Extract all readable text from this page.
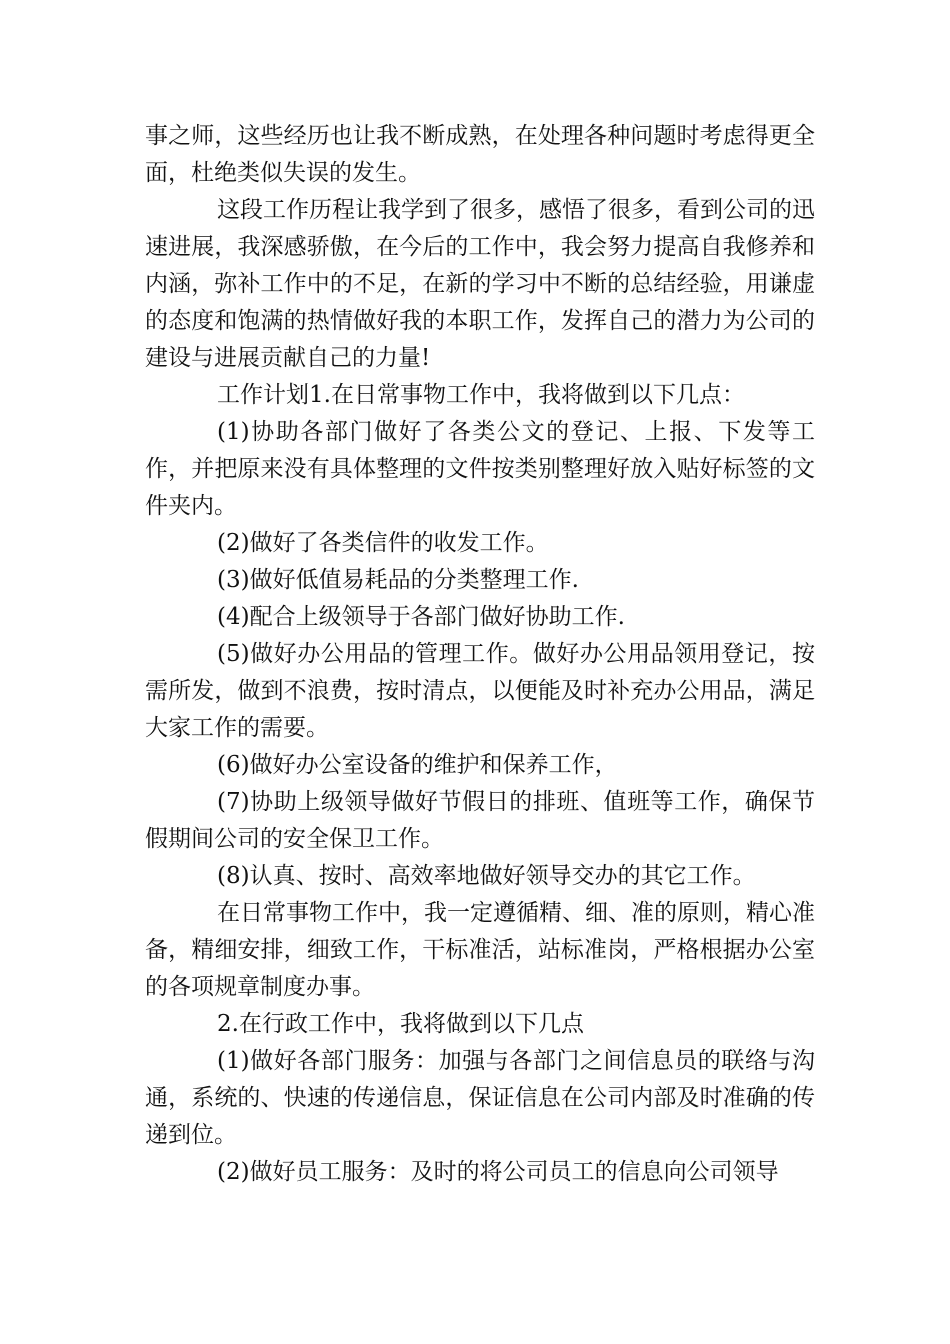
事之师，这些经历也让我不断成熟，在处理各种问题时考虑得更全面，杜绝类似失误的发生。

这段工作历程让我学到了很多，感悟了很多，看到公司的迅速进展，我深感骄傲，在今后的工作中，我会努力提高自我修养和内涵，弥补工作中的不足，在新的学习中不断的总结经验，用谦虚的态度和饱满的热情做好我的本职工作，发挥自己的潜力为公司的建设与进展贡献自己的力量!

工作计划1.在日常事物工作中，我将做到以下几点：

(1)协助各部门做好了各类公文的登记、上报、下发等工作，并把原来没有具体整理的文件按类别整理好放入贴好标签的文件夹内。

(2)做好了各类信件的收发工作。

(3)做好低值易耗品的分类整理工作.

(4)配合上级领导于各部门做好协助工作.

(5)做好办公用品的管理工作。做好办公用品领用登记，按需所发，做到不浪费，按时清点，以便能及时补充办公用品，满足大家工作的需要。

(6)做好办公室设备的维护和保养工作，

(7)协助上级领导做好节假日的排班、值班等工作，确保节假期间公司的安全保卫工作。

(8)认真、按时、高效率地做好领导交办的其它工作。

在日常事物工作中，我一定遵循精、细、准的原则，精心准备，精细安排，细致工作，干标准活，站标准岗，严格根据办公室的各项规章制度办事。

2.在行政工作中，我将做到以下几点

(1)做好各部门服务：加强与各部门之间信息员的联络与沟通，系统的、快速的传递信息，保证信息在公司内部及时准确的传递到位。

(2)做好员工服务：及时的将公司员工的信息向公司领导
